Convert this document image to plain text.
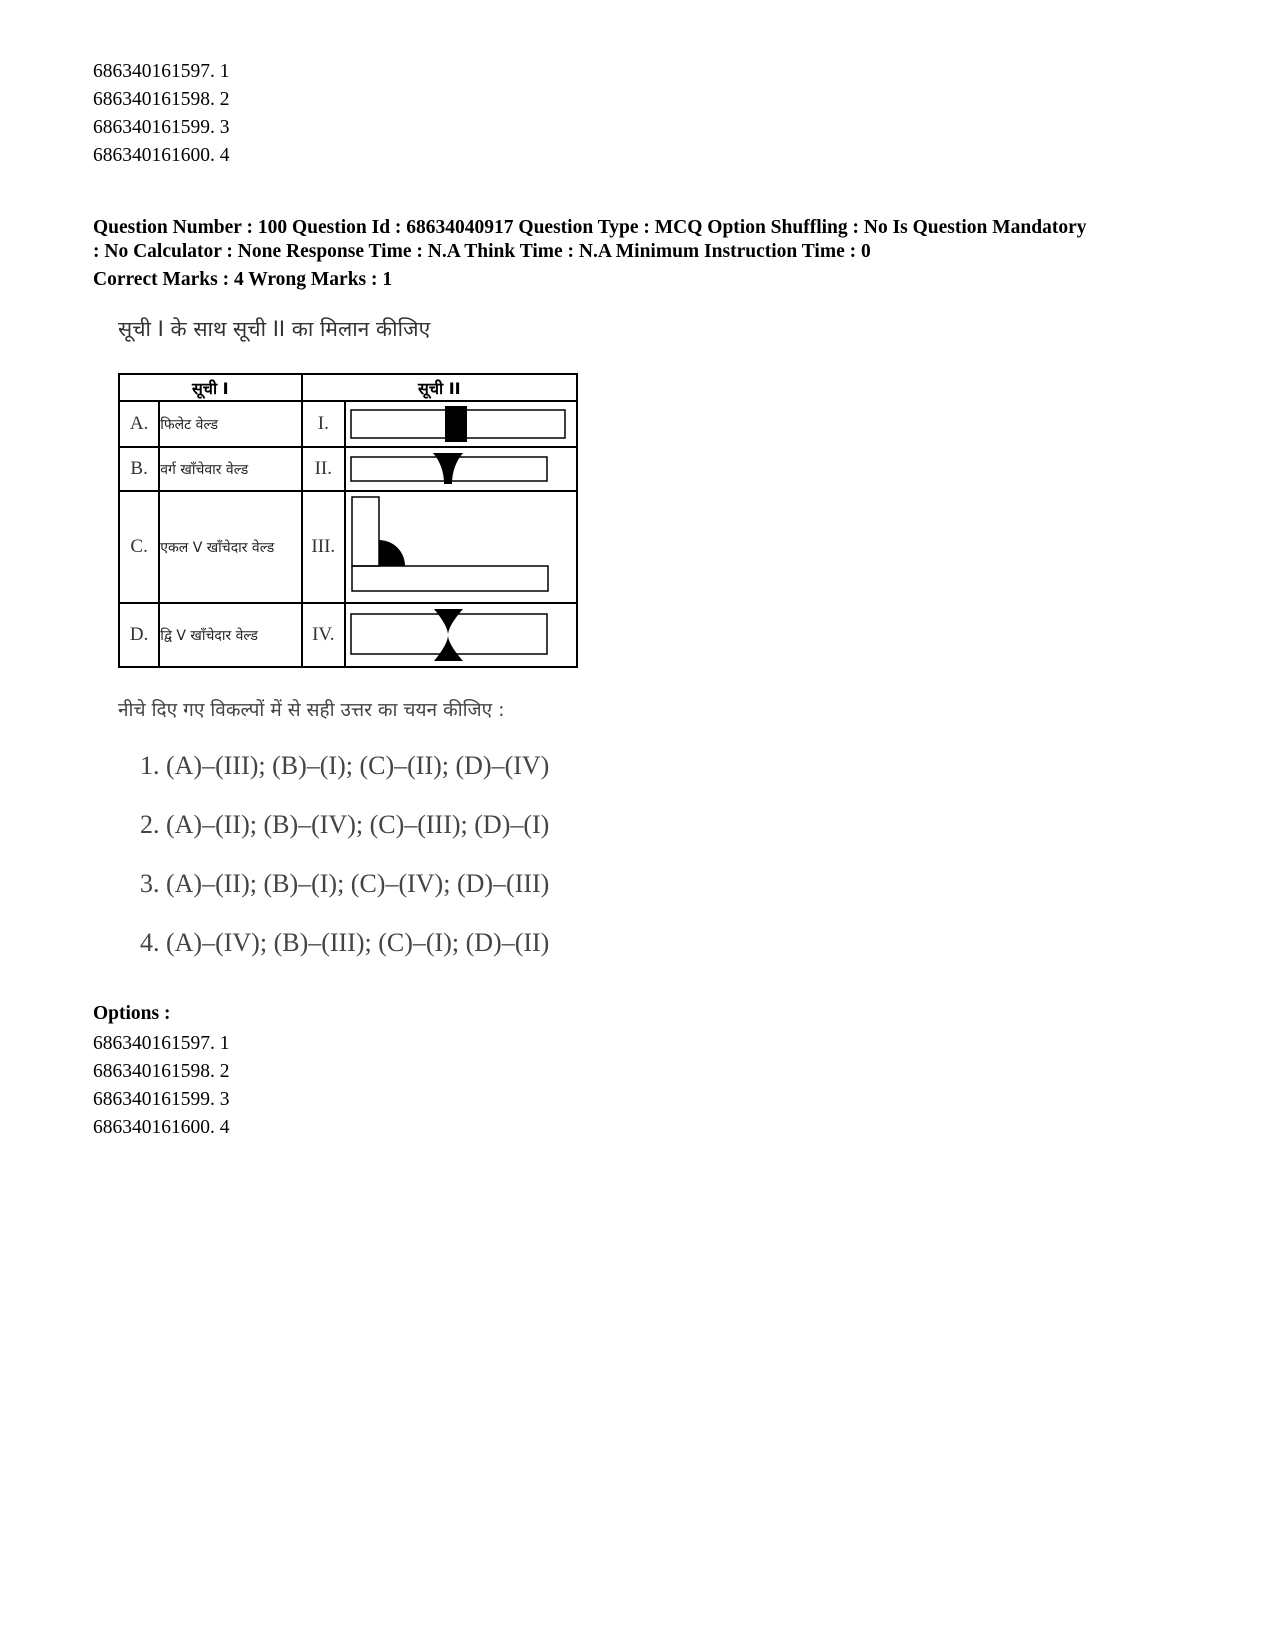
686340161597. 1
686340161598. 2
686340161599. 3
686340161600. 4
Question Number : 100 Question Id : 68634040917 Question Type : MCQ Option Shuffling : No Is Question Mandatory
: No Calculator : None Response Time : N.A Think Time : N.A Minimum Instruction Time : 0
Correct Marks : 4 Wrong Marks : 1
सूची I के साथ सूची II का मिलान कीजिए
सूची I		सूची II	
A.	फिलेट वेल्ड	I.	

B.	वर्ग खाँचेवार वेल्ड	II.	

C.	एकल V खाँचेदार वेल्ड	III.	

D.	द्वि V खाँचेदार वेल्ड	IV.	
नीचे दिए गए विकल्पों में से सही उत्तर का चयन कीजिए :
1. (A)–(III); (B)–(I); (C)–(II); (D)–(IV)
2. (A)–(II); (B)–(IV); (C)–(III); (D)–(I)
3. (A)–(II); (B)–(I); (C)–(IV); (D)–(III)
4. (A)–(IV); (B)–(III); (C)–(I); (D)–(II)
Options :
686340161597. 1
686340161598. 2
686340161599. 3
686340161600. 4
